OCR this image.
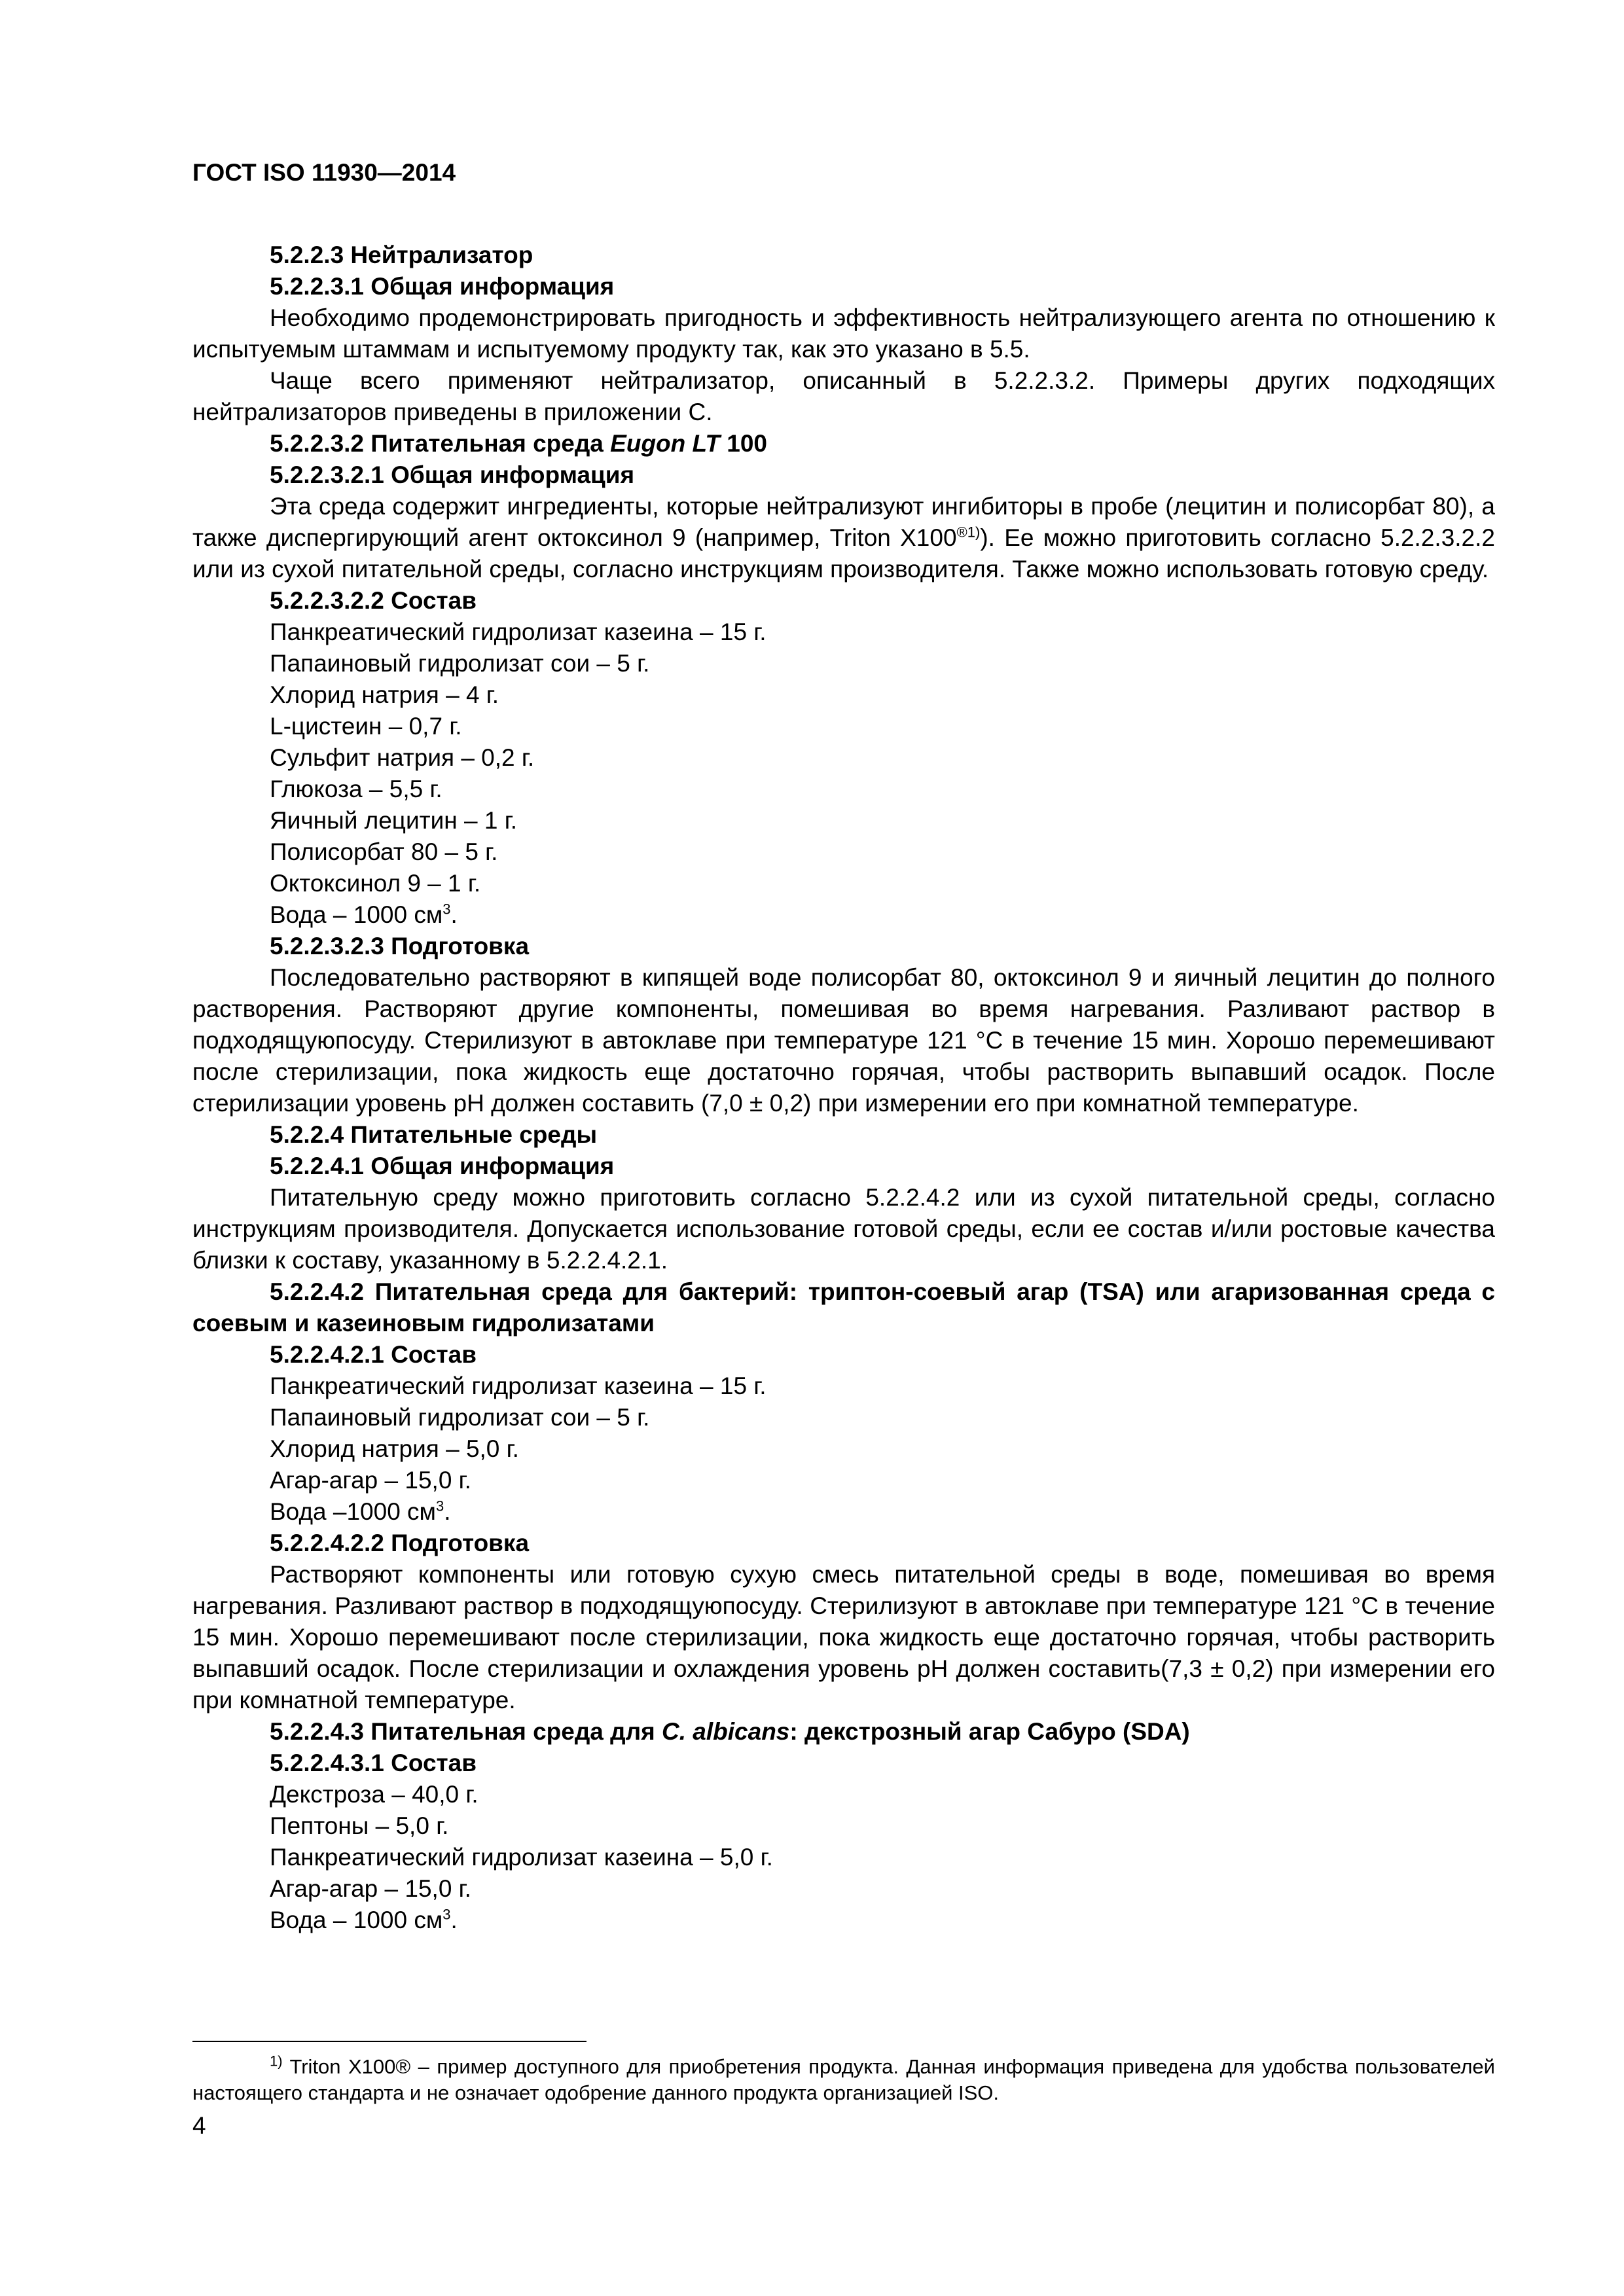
ГОСТ ISO 11930—2014

5.2.2.3 Нейтрализатор

5.2.2.3.1 Общая информация

Необходимо продемонстрировать пригодность и эффективность нейтрализующего агента по отношению к испытуемым штаммам и испытуемому продукту так, как это указано в 5.5.

Чаще всего применяют нейтрализатор, описанный в 5.2.2.3.2. Примеры других подходящих нейтрализаторов приведены в приложении С.

5.2.2.3.2 Питательная среда Eugon LT 100

5.2.2.3.2.1 Общая информация

Эта среда содержит ингредиенты, которые нейтрализуют ингибиторы в пробе (лецитин и полисорбат 80), а также диспергирующий агент октоксинол 9 (например, Triton $X100^{®1)}$). Ее можно приготовить согласно 5.2.2.3.2.2 или из сухой питательной среды, согласно инструкциям производителя. Также можно использовать готовую среду.

5.2.2.3.2.2 Состав

Панкреатический гидролизат казеина – 15 г.

Папаиновый гидролизат сои – 5 г.

Хлорид натрия – 4 г.

L-цистеин – 0,7 г.

Сульфит натрия – 0,2 г.

Глюкоза – 5,5 г.

Яичный лецитин – 1 г.

Полисорбат 80 – 5 г.

Октоксинол 9 – 1 г.

Вода – 1000 $см^3$.

5.2.2.3.2.3 Подготовка

Последовательно растворяют в кипящей воде полисорбат 80, октоксинол 9 и яичный лецитин до полного растворения. Растворяют другие компоненты, помешивая во время нагревания. Разливают раствор в подходящуюпосуду. Стерилизуют в автоклаве при температуре 121 °С в течение 15 мин. Хорошо перемешивают после стерилизации, пока жидкость еще достаточно горячая, чтобы растворить выпавший осадок. После стерилизации уровень pH должен составить (7,0 ± 0,2) при измерении его при комнатной температуре.

5.2.2.4 Питательные среды

5.2.2.4.1 Общая информация

Питательную среду можно приготовить согласно 5.2.2.4.2 или из сухой питательной среды, согласно инструкциям производителя. Допускается использование готовой среды, если ее состав и/или ростовые качества близки к составу, указанному в 5.2.2.4.2.1.

5.2.2.4.2 Питательная среда для бактерий: триптон-соевый агар (TSA) или агаризованная среда с соевым и казеиновым гидролизатами

5.2.2.4.2.1 Состав

Панкреатический гидролизат казеина – 15 г.

Папаиновый гидролизат сои – 5 г.

Хлорид натрия – 5,0 г.

Агар-агар – 15,0 г.

Вода –1000 $см^3$.

5.2.2.4.2.2 Подготовка

Растворяют компоненты или готовую сухую смесь питательной среды в воде, помешивая во время нагревания. Разливают раствор в подходящуюпосуду. Стерилизуют в автоклаве при температуре 121 °С в течение 15 мин. Хорошо перемешивают после стерилизации, пока жидкость еще достаточно горячая, чтобы растворить выпавший осадок. После стерилизации и охлаждения уровень pH должен составить(7,3 ± 0,2) при измерении его при комнатной температуре.

5.2.2.4.3 Питательная среда для C. albicans: декстрозный агар Сабуро (SDA)

5.2.2.4.3.1 Состав

Декстроза – 40,0 г.

Пептоны – 5,0 г.

Панкреатический гидролизат казеина – 5,0 г.

Агар-агар – 15,0 г.

Вода – 1000 $см^3$.

$^{1)}$ Triton X100® – пример доступного для приобретения продукта. Данная информация приведена для удобства пользователей настоящего стандарта и не означает одобрение данного продукта организацией ISO.

4
